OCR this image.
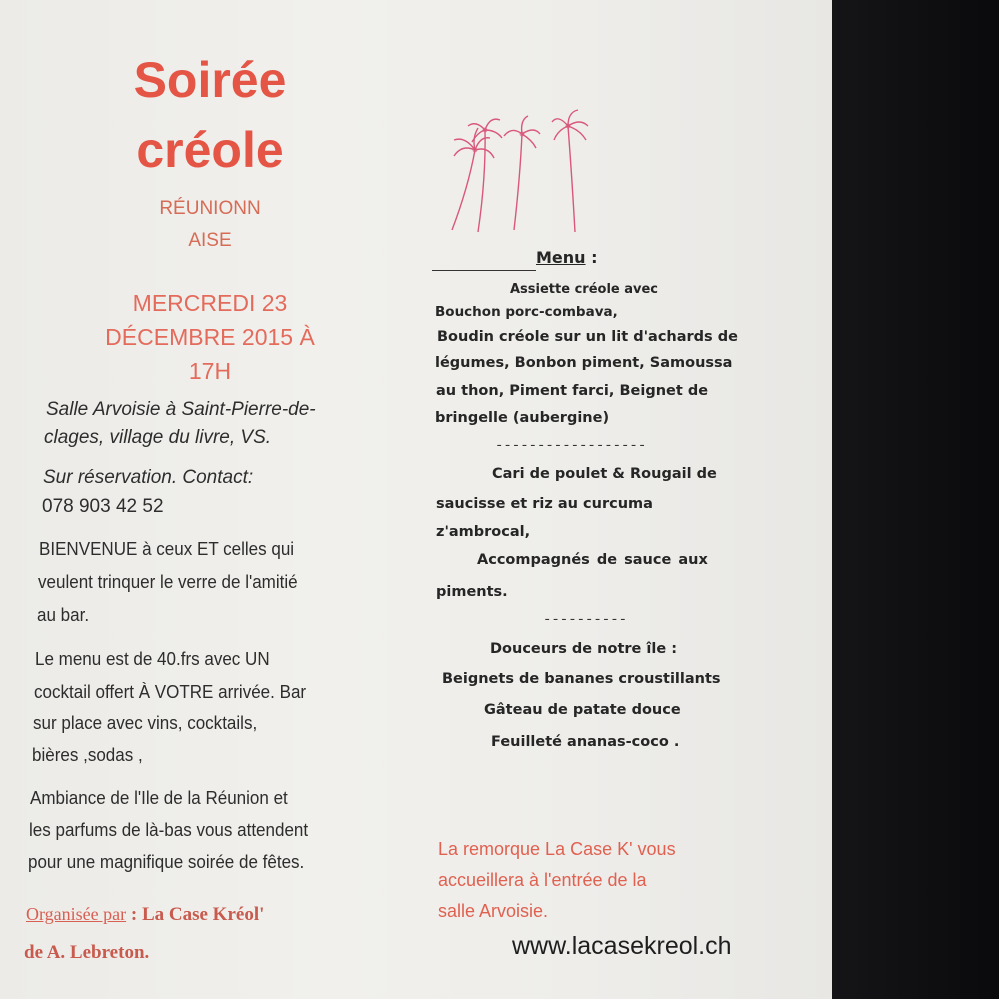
Soirée
créole
RÉUNIONN
AISE
MERCREDI 23
DÉCEMBRE 2015 À
17H
Salle Arvoisie à Saint-Pierre-de-
clages, village du livre, VS.
Sur réservation. Contact:
078 903 42 52
BIENVENUE à ceux ET celles qui
veulent trinquer le verre de l'amitié
au bar.
Le menu est de 40.frs avec UN
cocktail offert À VOTRE arrivée. Bar
sur place avec vins, cocktails,
bières ,sodas ,
Ambiance de l'Ile de la Réunion et
les parfums de là-bas vous attendent
pour une magnifique soirée de fêtes.
Organisée par : La Case Kréol'
de A. Lebreton.
Menu :
Assiette créole avec
Bouchon porc-combava,
Boudin créole sur un lit d'achards de
légumes, Bonbon piment, Samoussa
au thon, Piment farci, Beignet de
bringelle (aubergine)
------------------
Cari de poulet & Rougail de
saucisse et riz au curcuma
z'ambrocal,
Accompagnés de sauce aux
piments.
----------
Douceurs de notre île :
Beignets de bananes croustillants
Gâteau de patate douce
Feuilleté ananas-coco .
La remorque La Case K' vous
accueillera à l'entrée de la
salle Arvoisie.
www.lacasekreol.ch
